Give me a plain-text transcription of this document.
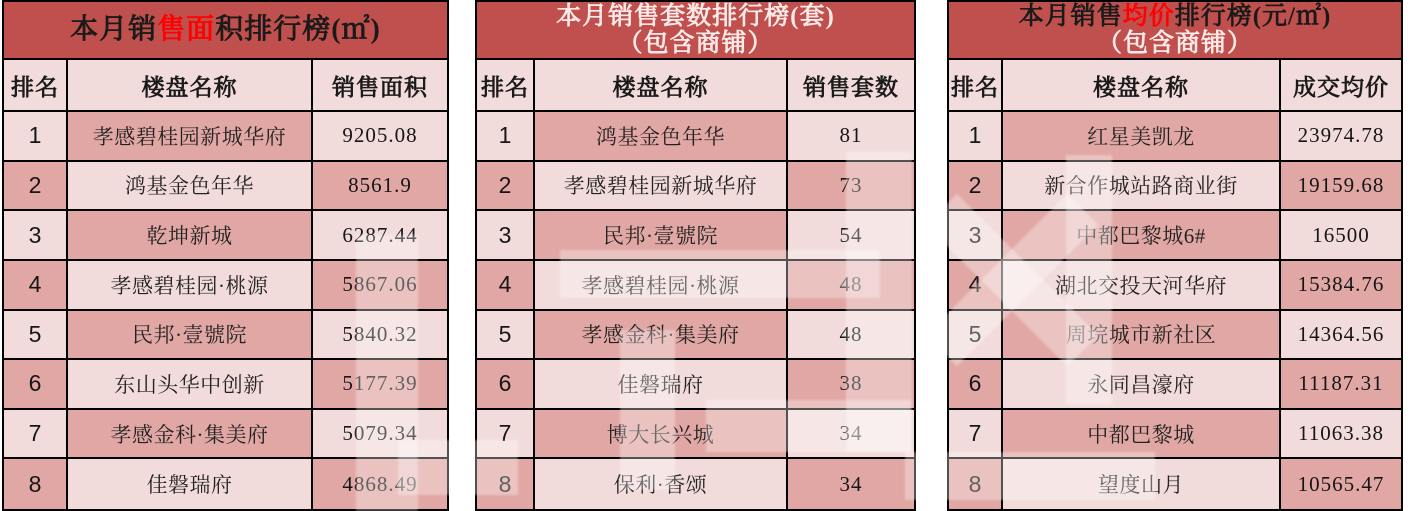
本月销售面积排行榜(㎡)
排名	楼盘名称	销售面积
1	孝感碧桂园新城华府	9205.08
2	鸿基金色年华	8561.9
3	乾坤新城	6287.44
4	孝感碧桂园·桃源	5867.06
5	民邦·壹號院	5840.32
6	东山头华中创新	5177.39
7	孝感金科·集美府	5079.34
8	佳磐瑞府	4868.49
本月销售套数排行榜(套)
（包含商铺）
排名	楼盘名称	销售套数
1	鸿基金色年华	81
2	孝感碧桂园新城华府	73
3	民邦·壹號院	54
4	孝感碧桂园·桃源	48
5	孝感金科·集美府	48
6	佳磐瑞府	38
7	博大长兴城	34
8	保利·香颂	34
本月销售均价排行榜(元/㎡)
（包含商铺）
排名	楼盘名称	成交均价
1	红星美凯龙	23974.78
2	新合作城站路商业街	19159.68
3	中都巴黎城6#	16500
4	湖北交投天河华府	15384.76
5	周垸城市新社区	14364.56
6	永同昌濠府	11187.31
7	中都巴黎城	11063.38
8	望度山月	10565.47
